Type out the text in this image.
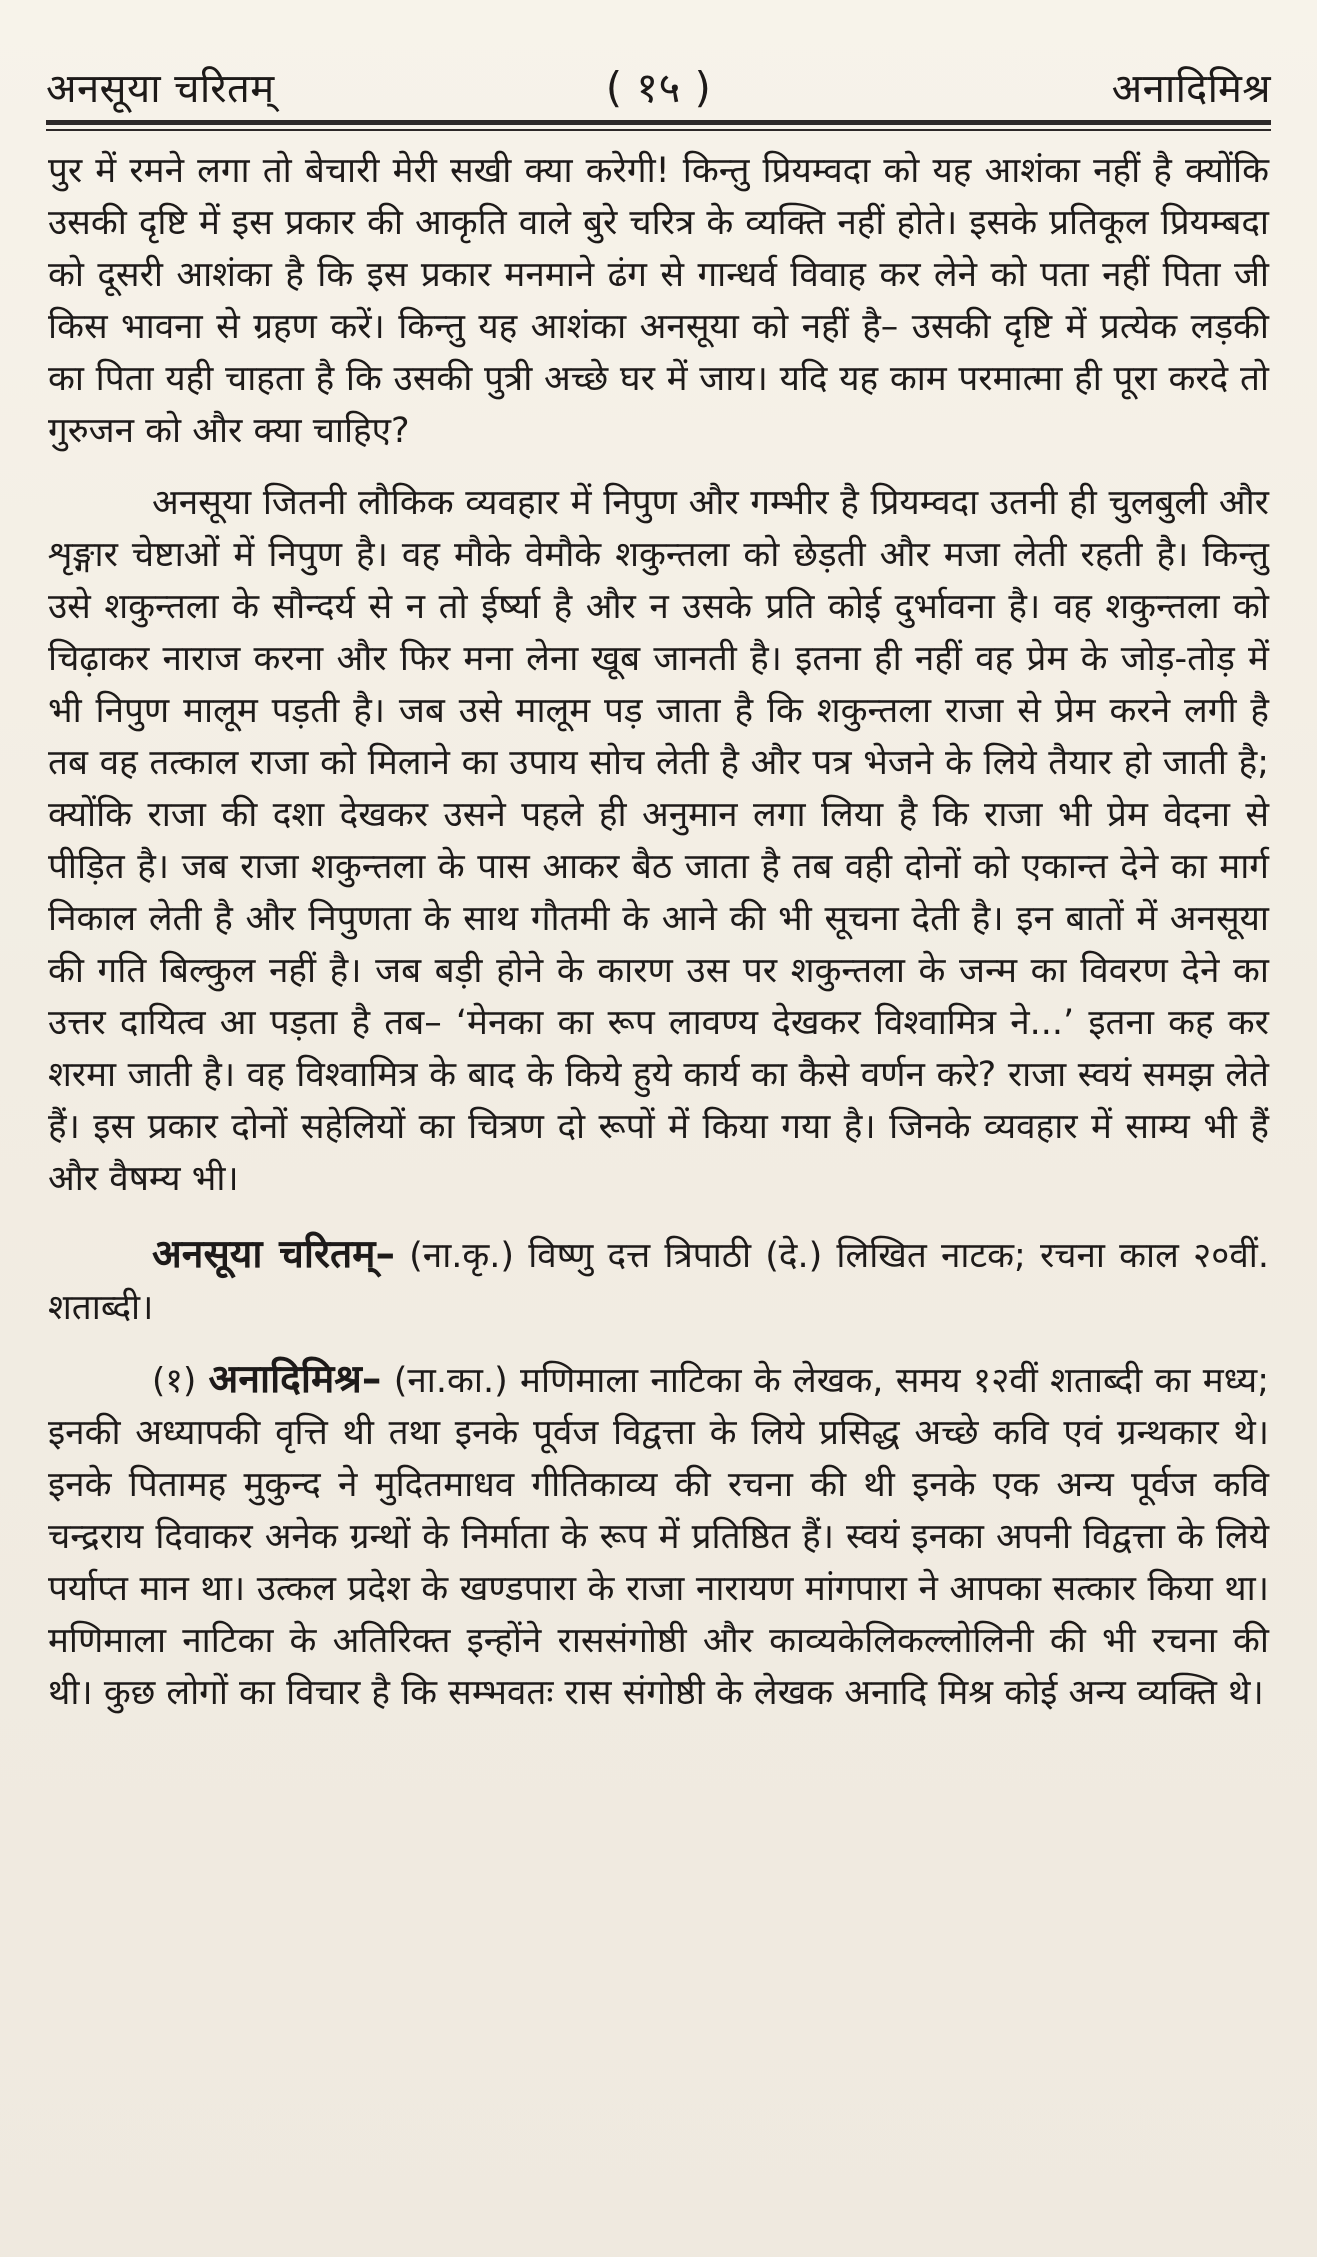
अनसूया चरितम्	( १५ )	अनादिमिश्र

पुर में रमने लगा तो बेचारी मेरी सखी क्या करेगी! किन्तु प्रियम्वदा को यह आशंका नहीं है क्योंकि उसकी दृष्टि में इस प्रकार की आकृति वाले बुरे चरित्र के व्यक्ति नहीं होते। इसके प्रतिकूल प्रियम्बदा को दूसरी आशंका है कि इस प्रकार मनमाने ढंग से गान्धर्व विवाह कर लेने को पता नहीं पिता जी किस भावना से ग्रहण करें। किन्तु यह आशंका अनसूया को नहीं है– उसकी दृष्टि में प्रत्येक लड़की का पिता यही चाहता है कि उसकी पुत्री अच्छे घर में जाय। यदि यह काम परमात्मा ही पूरा करदे तो गुरुजन को और क्या चाहिए?

अनसूया जितनी लौकिक व्यवहार में निपुण और गम्भीर है प्रियम्वदा उतनी ही चुलबुली और शृङ्गार चेष्टाओं में निपुण है। वह मौके वेमौके शकुन्तला को छेड़ती और मजा लेती रहती है। किन्तु उसे शकुन्तला के सौन्दर्य से न तो ईर्ष्या है और न उसके प्रति कोई दुर्भावना है। वह शकुन्तला को चिढ़ाकर नाराज करना और फिर मना लेना खूब जानती है। इतना ही नहीं वह प्रेम के जोड़-तोड़ में भी निपुण मालूम पड़ती है। जब उसे मालूम पड़ जाता है कि शकुन्तला राजा से प्रेम करने लगी है तब वह तत्काल राजा को मिलाने का उपाय सोच लेती है और पत्र भेजने के लिये तैयार हो जाती है; क्योंकि राजा की दशा देखकर उसने पहले ही अनुमान लगा लिया है कि राजा भी प्रेम वेदना से पीड़ित है। जब राजा शकुन्तला के पास आकर बैठ जाता है तब वही दोनों को एकान्त देने का मार्ग निकाल लेती है और निपुणता के साथ गौतमी के आने की भी सूचना देती है। इन बातों में अनसूया की गति बिल्कुल नहीं है। जब बड़ी होने के कारण उस पर शकुन्तला के जन्म का विवरण देने का उत्तर दायित्व आ पड़ता है तब– ‘मेनका का रूप लावण्य देखकर विश्वामित्र ने...’ इतना कह कर शरमा जाती है। वह विश्वामित्र के बाद के किये हुये कार्य का कैसे वर्णन करे? राजा स्वयं समझ लेते हैं। इस प्रकार दोनों सहेलियों का चित्रण दो रूपों में किया गया है। जिनके व्यवहार में साम्य भी हैं और वैषम्य भी।

अनसूया चरितम्– (ना.कृ.) विष्णु दत्त त्रिपाठी (दे.) लिखित नाटक; रचना काल २०वीं. शताब्दी।

(१) अनादिमिश्र– (ना.का.) मणिमाला नाटिका के लेखक, समय १२वीं शताब्दी का मध्य; इनकी अध्यापकी वृत्ति थी तथा इनके पूर्वज विद्वत्ता के लिये प्रसिद्ध अच्छे कवि एवं ग्रन्थकार थे। इनके पितामह मुकुन्द ने मुदितमाधव गीतिकाव्य की रचना की थी इनके एक अन्य पूर्वज कवि चन्द्रराय दिवाकर अनेक ग्रन्थों के निर्माता के रूप में प्रतिष्ठित हैं। स्वयं इनका अपनी विद्वत्ता के लिये पर्याप्त मान था। उत्कल प्रदेश के खण्डपारा के राजा नारायण मांगपारा ने आपका सत्कार किया था। मणिमाला नाटिका के अतिरिक्त इन्होंने राससंगोष्ठी और काव्यकेलिकल्लोलिनी की भी रचना की थी। कुछ लोगों का विचार है कि सम्भवतः रास संगोष्ठी के लेखक अनादि मिश्र कोई अन्य व्यक्ति थे।
